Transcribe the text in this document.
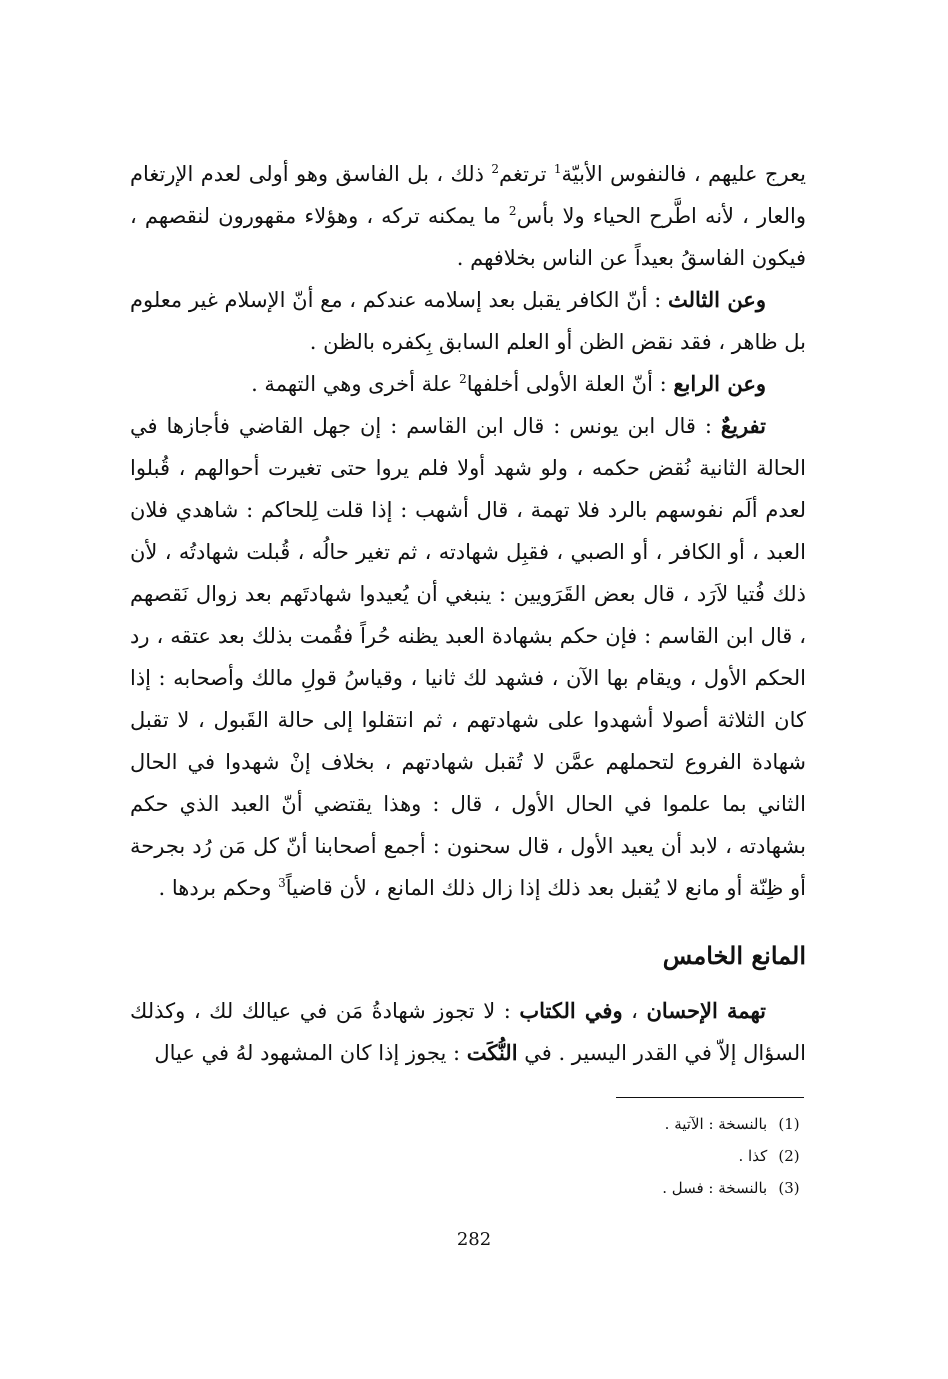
يعرج عليهم ، فالنفوس الأبيّة$^1$ ترتغم$^2$ ذلك ، بل الفاسق وهو أولى لعدم الإرتغام والعار ، لأنه اطَّرح الحياء ولا بأس$^2$ ما يمكنه تركه ، وهؤلاء مقهورون لنقصهم ، فيكون الفاسقُ بعيداً عن الناس بخلافهم .

وعن الثالث : أنّ الكافر يقبل بعد إسلامه عندكم ، مع أنّ الإسلام غير معلوم بل ظاهر ، فقد نقض الظن أو العلم السابق بِكفره بالظن .

وعن الرابع : أنّ العلة الأولى أخلفها$^2$ علة أخرى وهي التهمة .

تفريعٌ : قال ابن يونس : قال ابن القاسم : إن جهل القاضي فأجازها في الحالة الثانية نُقض حكمه ، ولو شهد أولا فلم يروا حتى تغيرت أحوالهم ، قُبلوا لعدم ألَم نفوسهم بالرد فلا تهمة ، قال أشهب : إذا قلت لِلحاكم : شاهدي فلان العبد ، أو الكافر ، أو الصبي ، فقبِل شهادته ، ثم تغير حالُه ، قُبلت شهادتُه ، لأن ذلك فُتيا لاَرَد ، قال بعض القَرَويين : ينبغي أن يُعيدوا شهادتَهم بعد زوال نَقصهم ، قال ابن القاسم : فإن حكم بشهادة العبد يظنه حُراً فقُمت بذلك بعد عتقه ، رد الحكم الأول ، ويقام بها الآن ، فشهد لك ثانيا ، وقياسُ قولِ مالك وأصحابه : إذا كان الثلاثة أصولا أشهدوا على شهادتهم ، ثم انتقلوا إلى حالة القَبول ، لا تقبل شهادة الفروع لتحملهم عمَّن لا تُقبل شهادتهم ، بخلاف إنْ شهدوا في الحال الثاني بما علموا في الحال الأول ، قال : وهذا يقتضي أنّ العبد الذي حكم بشهادته ، لابد أن يعيد الأول ، قال سحنون : أجمع أصحابنا أنّ كل مَن رُد بجرحة أو ظِنّة أو مانع لا يُقبل بعد ذلك إذا زال ذلك المانع ، لأن قاضياً$^3$ وحكم بردها .

المانع الخامس

تهمة الإحسان ، وفي الكتاب : لا تجوز شهادةُ مَن في عيالك لك ، وكذلك السؤال إلاّ في القدر اليسير . في النُّكَت : يجوز إذا كان المشهود لهُ في عيال

(1) بالنسخة : الآتية .
(2) كذا .
(3) بالنسخة : فسل .
282
